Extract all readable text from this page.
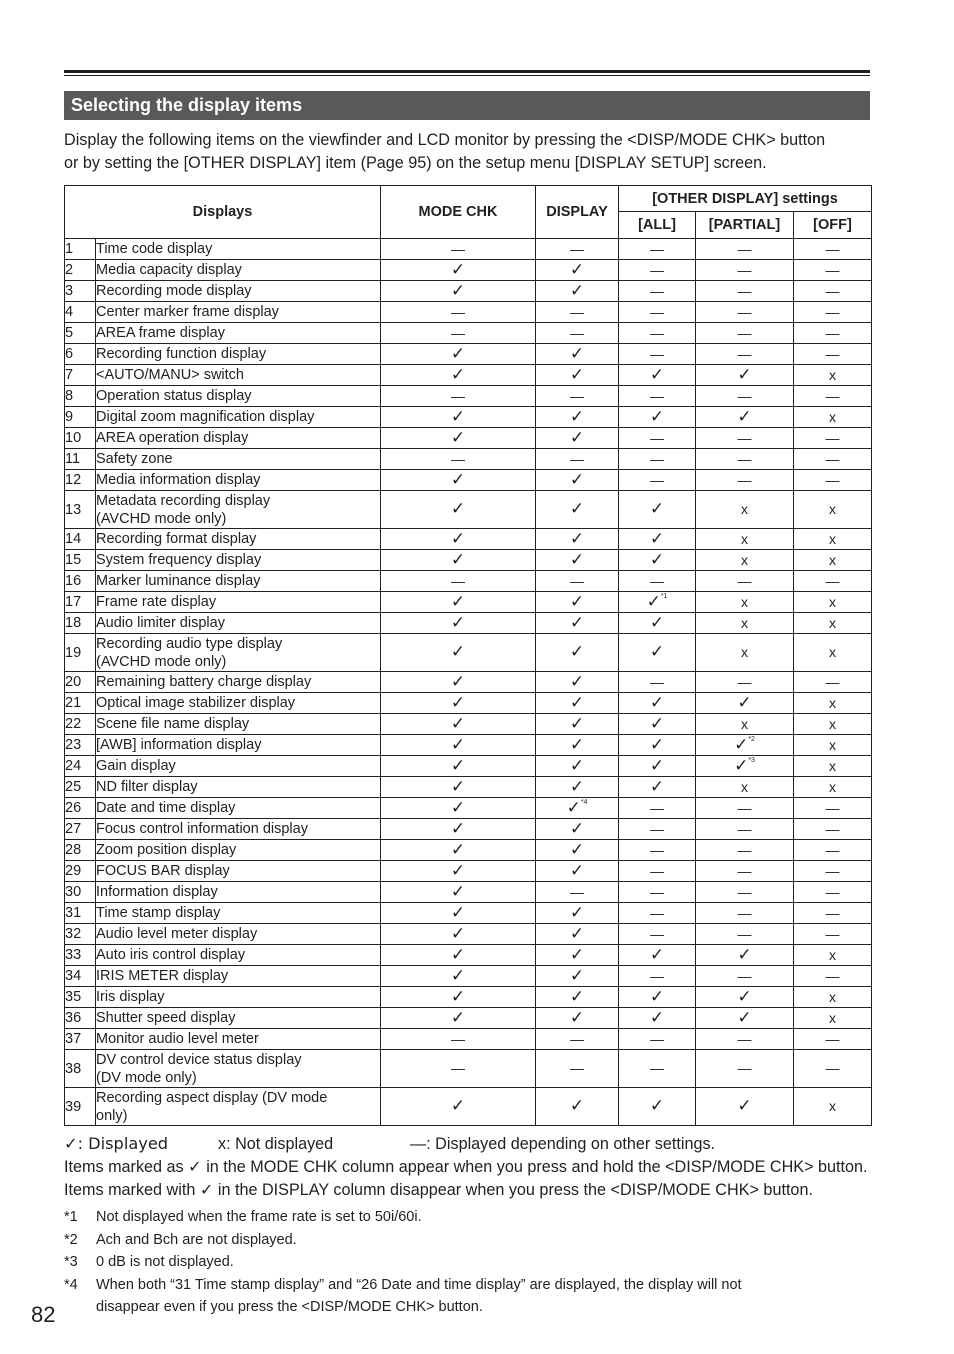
Selecting the display items

Display the following items on the viewfinder and LCD monitor by pressing the <DISP/MODE CHK> button

or by setting the [OTHER DISPLAY] item (Page 95) on the setup menu [DISPLAY SETUP] screen.

Displays		MODE CHK	DISPLAY	[OTHER DISPLAY] settings		
				[ALL]	[PARTIAL]	[OFF]
1	Time code display	—	—	—	—	—
2	Media capacity display	✓	✓	—	—	—
3	Recording mode display	✓	✓	—	—	—
4	Center marker frame display	—	—	—	—	—
5	AREA frame display	—	—	—	—	—
6	Recording function display	✓	✓	—	—	—
7	<AUTO/MANU> switch	✓	✓	✓	✓	x
8	Operation status display	—	—	—	—	—
9	Digital zoom magnification display	✓	✓	✓	✓	x
10	AREA operation display	✓	✓	—	—	—
11	Safety zone	—	—	—	—	—
12	Media information display	✓	✓	—	—	—
13	Metadata recording display
(AVCHD mode only)	✓	✓	✓	x	x
14	Recording format display	✓	✓	✓	x	x
15	System frequency display	✓	✓	✓	x	x
16	Marker luminance display	—	—	—	—	—
17	Frame rate display	✓	✓	✓$^{*1}$	x	x
18	Audio limiter display	✓	✓	✓	x	x
19	Recording audio type display
(AVCHD mode only)	✓	✓	✓	x	x
20	Remaining battery charge display	✓	✓	—	—	—
21	Optical image stabilizer display	✓	✓	✓	✓	x
22	Scene file name display	✓	✓	✓	x	x
23	[AWB] information display	✓	✓	✓	✓$^{*2}$	x
24	Gain display	✓	✓	✓	✓$^{*3}$	x
25	ND filter display	✓	✓	✓	x	x
26	Date and time display	✓	✓$^{*4}$	—	—	—
27	Focus control information display	✓	✓	—	—	—
28	Zoom position display	✓	✓	—	—	—
29	FOCUS BAR display	✓	✓	—	—	—
30	Information display	✓	—	—	—	—
31	Time stamp display	✓	✓	—	—	—
32	Audio level meter display	✓	✓	—	—	—
33	Auto iris control display	✓	✓	✓	✓	x
34	IRIS METER display	✓	✓	—	—	—
35	Iris display	✓	✓	✓	✓	x
36	Shutter speed display	✓	✓	✓	✓	x
37	Monitor audio level meter	—	—	—	—	—
38	DV control device status display
(DV mode only)	—	—	—	—	—
39	Recording aspect display (DV mode
only)	✓	✓	✓	✓	x

✓: Displayed	x: Not displayed	—: Displayed depending on other settings.

Items marked as ✓ in the MODE CHK column appear when you press and hold the <DISP/MODE CHK> button.

Items marked with ✓ in the DISPLAY column disappear when you press the <DISP/MODE CHK> button.

*1	Not displayed when the frame rate is set to 50i/60i.
*2	Ach and Bch are not displayed.
*3	0 dB is not displayed.
*4	When both “31 Time stamp display” and “26 Date and time display” are displayed, the display will not
disappear even if you press the <DISP/MODE CHK> button.
82
